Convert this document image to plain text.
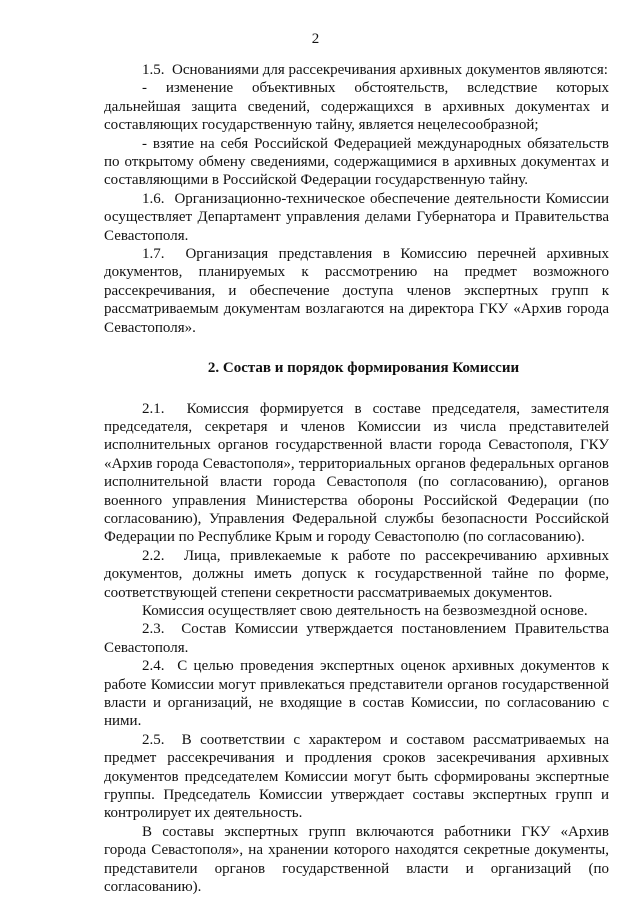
2

1.5.  Основаниями для рассекречивания архивных документов являются:

- изменение объективных обстоятельств, вследствие которых дальнейшая защита сведений, содержащихся в архивных документах и составляющих государственную тайну, является нецелесообразной;

- взятие на себя Российской Федерацией международных обязательств по открытому обмену сведениями, содержащимися в архивных документах и составляющими в Российской Федерации государственную тайну.

1.6.  Организационно-техническое обеспечение деятельности Комиссии осуществляет Департамент управления делами Губернатора и Правительства Севастополя.

1.7.  Организация представления в Комиссию перечней архивных документов, планируемых к рассмотрению на предмет возможного рассекречивания, и обеспечение доступа членов экспертных групп к рассматриваемым документам возлагаются на директора ГКУ «Архив города Севастополя».

2. Состав и порядок формирования Комиссии

2.1.  Комиссия формируется в составе председателя, заместителя председателя, секретаря и членов Комиссии из числа представителей исполнительных органов государственной власти города Севастополя, ГКУ «Архив города Севастополя», территориальных органов федеральных органов исполнительной власти города Севастополя (по согласованию), органов военного управления Министерства обороны Российской Федерации (по согласованию), Управления Федеральной службы безопасности Российской Федерации по Республике Крым и городу Севастополю (по согласованию).

2.2.  Лица, привлекаемые к работе по рассекречиванию архивных документов, должны иметь допуск к государственной тайне по форме, соответствующей степени секретности рассматриваемых документов.

Комиссия осуществляет свою деятельность на безвозмездной основе.

2.3.  Состав Комиссии утверждается постановлением Правительства Севастополя.

2.4.  С целью проведения экспертных оценок архивных документов к работе Комиссии могут привлекаться представители органов государственной власти и организаций, не входящие в состав Комиссии, по согласованию с ними.

2.5.  В соответствии с характером и составом рассматриваемых на предмет рассекречивания и продления сроков засекречивания архивных документов председателем Комиссии могут быть сформированы экспертные группы. Председатель Комиссии утверждает составы экспертных групп и контролирует их деятельность.

В составы экспертных групп включаются работники ГКУ «Архив города Севастополя», на хранении которого находятся секретные документы, представители органов государственной власти и организаций (по согласованию).
